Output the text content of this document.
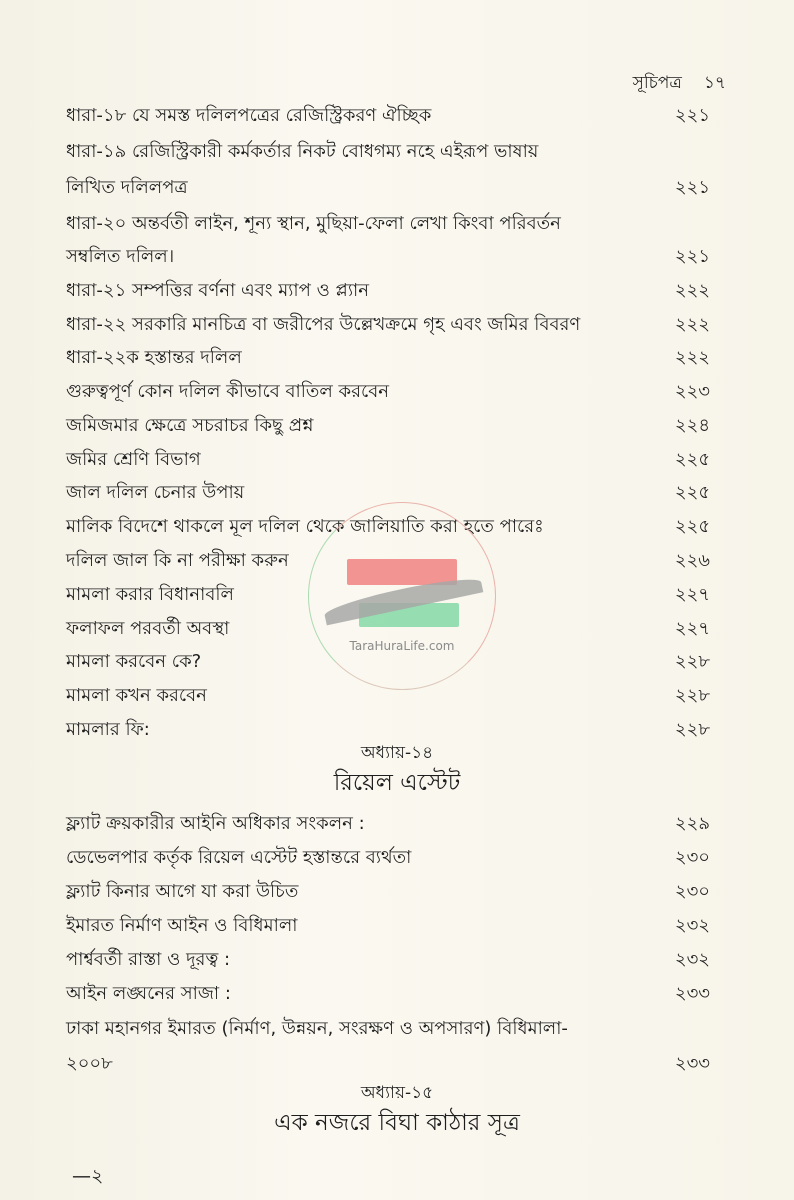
সূচিপত্র ১৭
ধারা-১৮ যে সমস্ত দলিলপত্রের রেজিস্ট্রিকরণ ঐচ্ছিক	২২১
ধারা-১৯ রেজিস্ট্রিকারী কর্মকর্তার নিকট বোধগম্য নহে এইরূপ ভাষায়
লিখিত দলিলপত্র	২২১
ধারা-২০ অন্তর্বতী লাইন, শূন্য স্থান, মুছিয়া-ফেলা লেখা কিংবা পরিবর্তন
সম্বলিত দলিল।	২২১
ধারা-২১ সম্পত্তির বর্ণনা এবং ম্যাপ ও প্ল্যান	২২২
ধারা-২২ সরকারি মানচিত্র বা জরীপের উল্লেখক্রমে গৃহ এবং জমির বিবরণ	২২২
ধারা-২২ক হস্তান্তর দলিল	২২২
গুরুত্বপূর্ণ কোন দলিল কীভাবে বাতিল করবেন	২২৩
জমিজমার ক্ষেত্রে সচরাচর কিছু প্রশ্ন	২২৪
জমির শ্রেণি বিভাগ	২২৫
জাল দলিল চেনার উপায়	২২৫
মালিক বিদেশে থাকলে মূল দলিল থেকে জালিয়াতি করা হতে পারেঃ	২২৫
দলিল জাল কি না পরীক্ষা করুন	২২৬
মামলা করার বিধানাবলি	২২৭
ফলাফল পরবর্তী অবস্থা	২২৭
মামলা করবেন কে?	২২৮
মামলা কখন করবেন	২২৮
মামলার ফি:	২২৮
অধ্যায়-১৪
রিয়েল এস্টেট
ফ্ল্যাট ক্রয়কারীর আইনি অধিকার সংকলন :	২২৯
ডেভেলপার কর্তৃক রিয়েল এস্টেট হস্তান্তরে ব্যর্থতা	২৩০
ফ্ল্যাট কিনার আগে যা করা উচিত	২৩০
ইমারত নির্মাণ আইন ও বিধিমালা	২৩২
পার্শ্ববর্তী রাস্তা ও দূরত্ব :	২৩২
আইন লঙ্ঘনের সাজা :	২৩৩
ঢাকা মহানগর ইমারত (নির্মাণ, উন্নয়ন, সংরক্ষণ ও অপসারণ) বিধিমালা-
২০০৮	২৩৩
অধ্যায়-১৫
এক নজরে বিঘা কাঠার সূত্র
—২
TaraHuraLife.com
